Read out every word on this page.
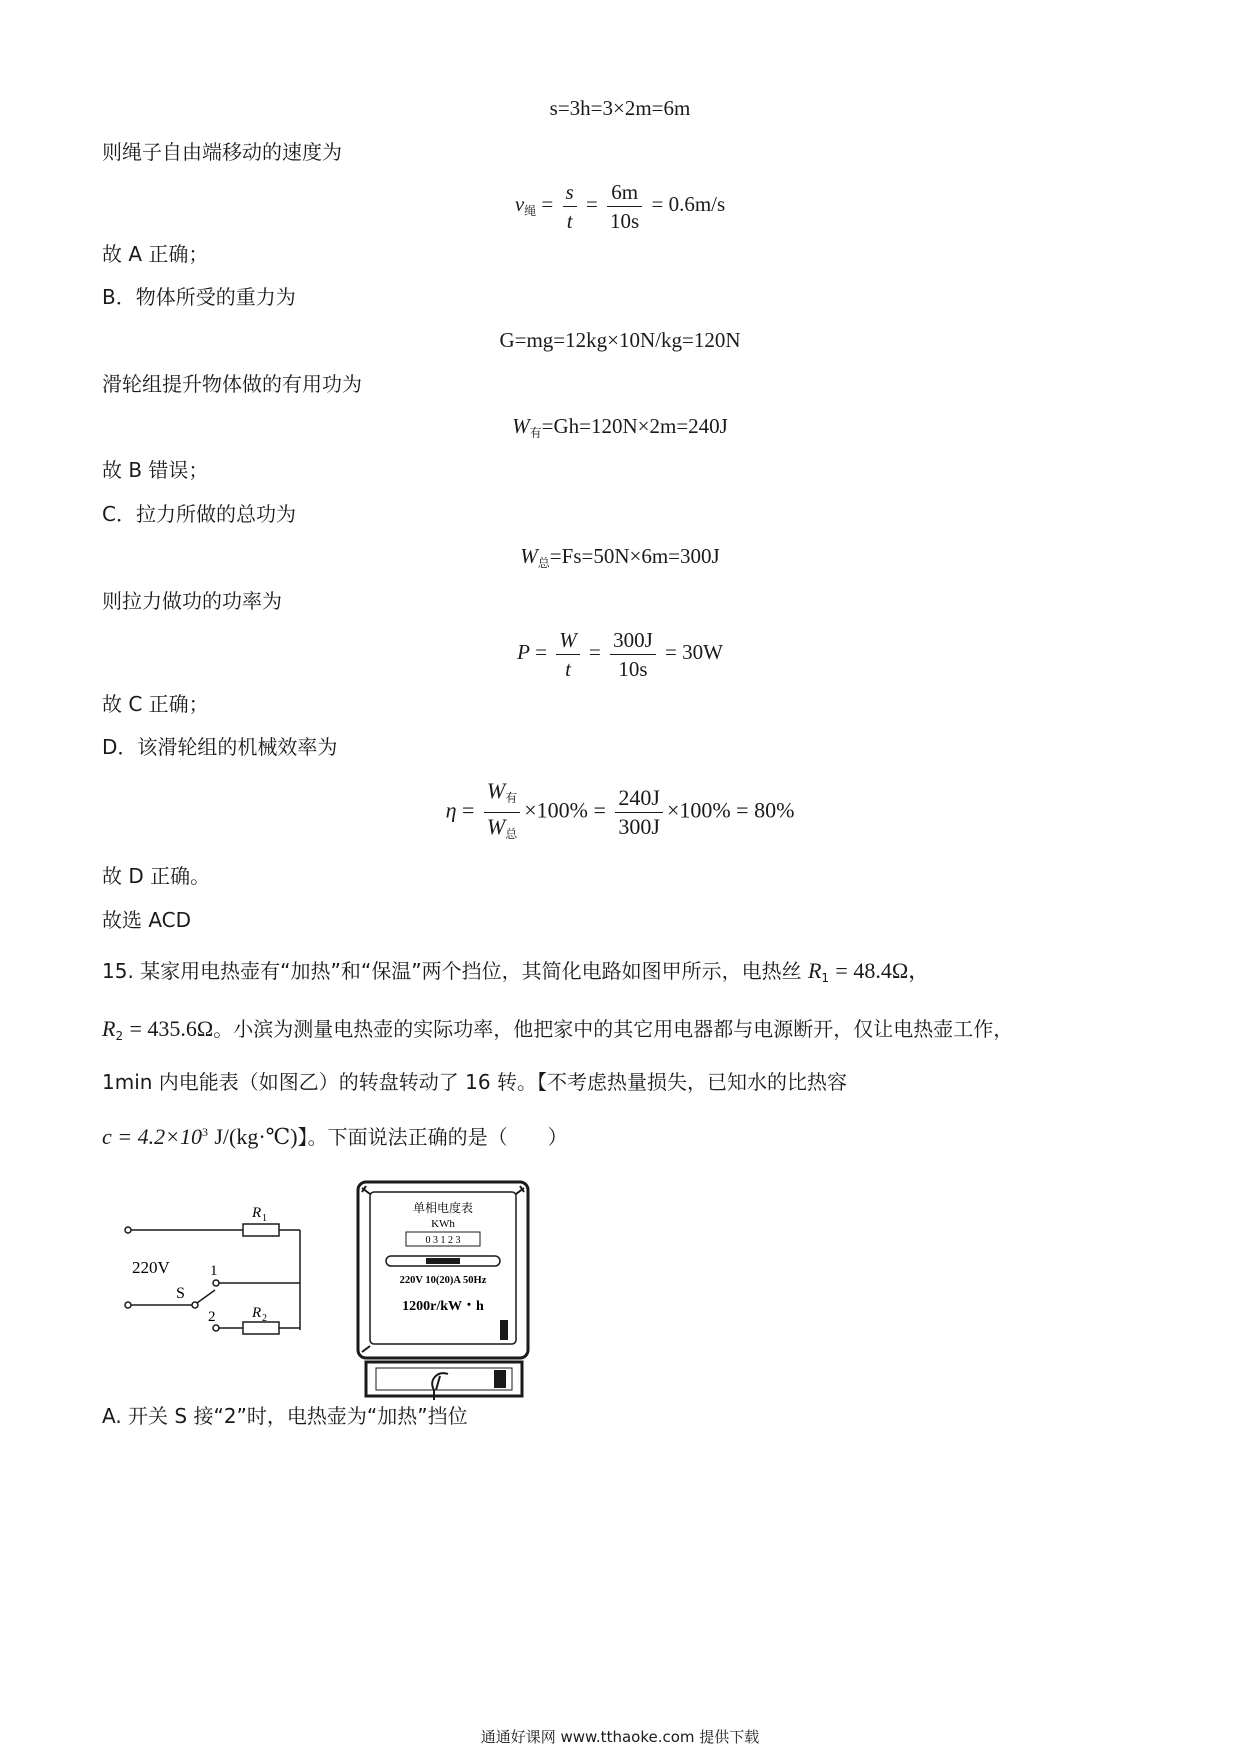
s=3h=3×2m=6m
则绳子自由端移动的速度为
$v_绳 = \frac{s}{t} = \frac{6m}{10s} = 0.6m/s$
故 A 正确；
B．物体所受的重力为
G=mg=12kg×10N/kg=120N
滑轮组提升物体做的有用功为
$W_有=Gh=120N\times 2m=240J$
故 B 错误；
C．拉力所做的总功为
$W_总=Fs=50N\times 6m=300J$
则拉力做功的功率为
$P = \frac{W}{t} = \frac{300J}{10s} = 30W$
故 C 正确；
D．该滑轮组的机械效率为
$\eta = \frac{W_有}{W_总} \times 100\% = \frac{240J}{300J} \times 100\% = 80\%$
故 D 正确。
故选 ACD
15. 某家用电热壶有“加热”和“保温”两个挡位，其简化电路如图甲所示，电热丝 $R_1 = 48.4\Omega$，
$R_2 = 435.6\Omega$。小滨为测量电热壶的实际功率，他把家中的其它用电器都与电源断开，仅让电热壶工作，
1min 内电能表（如图乙）的转盘转动了 16 转。【不考虑热量损失，已知水的比热容
$c = 4.2\times 10^3$ J/(kg·℃)】。下面说法正确的是（　　）
220V
S
1
2
R 1
R 2
单相电度表
KWh
0 3 1 2 3
220V 10(20)A 50Hz
1200r/kW・h
A. 开关 S 接“2”时，电热壶为“加热”挡位
通通好课网 www.tthaoke.com 提供下载
